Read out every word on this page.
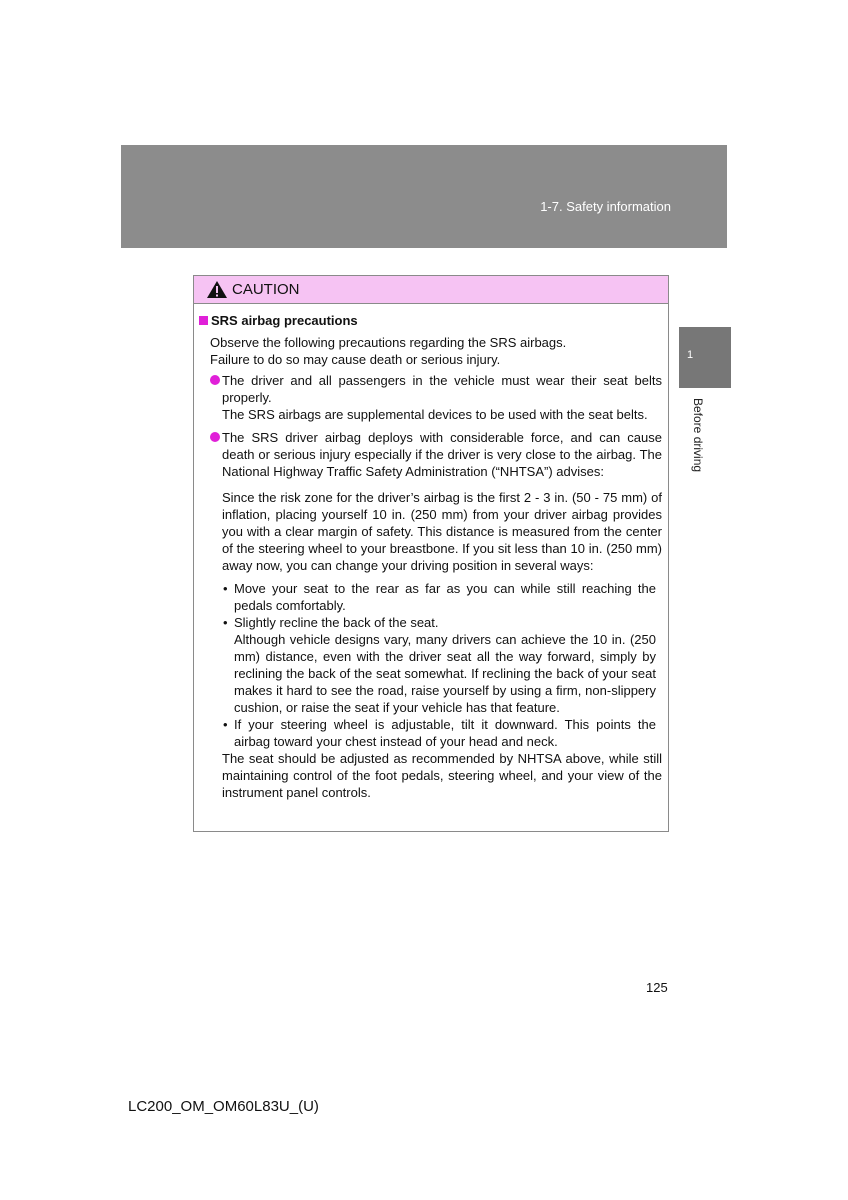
1-7. Safety information
1
Before driving
CAUTION
SRS airbag precautions
Observe the following precautions regarding the SRS airbags.
Failure to do so may cause death or serious injury.
The driver and all passengers in the vehicle must wear their seat belts properly.
The SRS airbags are supplemental devices to be used with the seat belts.
The SRS driver airbag deploys with considerable force, and can cause death or serious injury especially if the driver is very close to the airbag. The National Highway Traffic Safety Administration (“NHTSA”) advises:
Since the risk zone for the driver’s airbag is the first 2 - 3 in. (50 - 75 mm) of inflation, placing yourself 10 in. (250 mm) from your driver airbag provides you with a clear margin of safety. This distance is measured from the center of the steering wheel to your breastbone. If you sit less than 10 in. (250 mm) away now, you can change your driving position in several ways:
• Move your seat to the rear as far as you can while still reaching the pedals comfortably.
• Slightly recline the back of the seat.
Although vehicle designs vary, many drivers can achieve the 10 in. (250 mm) distance, even with the driver seat all the way forward, simply by reclining the back of the seat somewhat. If reclining the back of your seat makes it hard to see the road, raise yourself by using a firm, non-slippery cushion, or raise the seat if your vehicle has that feature.
• If your steering wheel is adjustable, tilt it downward. This points the airbag toward your chest instead of your head and neck.
The seat should be adjusted as recommended by NHTSA above, while still maintaining control of the foot pedals, steering wheel, and your view of the instrument panel controls.
125
LC200_OM_OM60L83U_(U)
